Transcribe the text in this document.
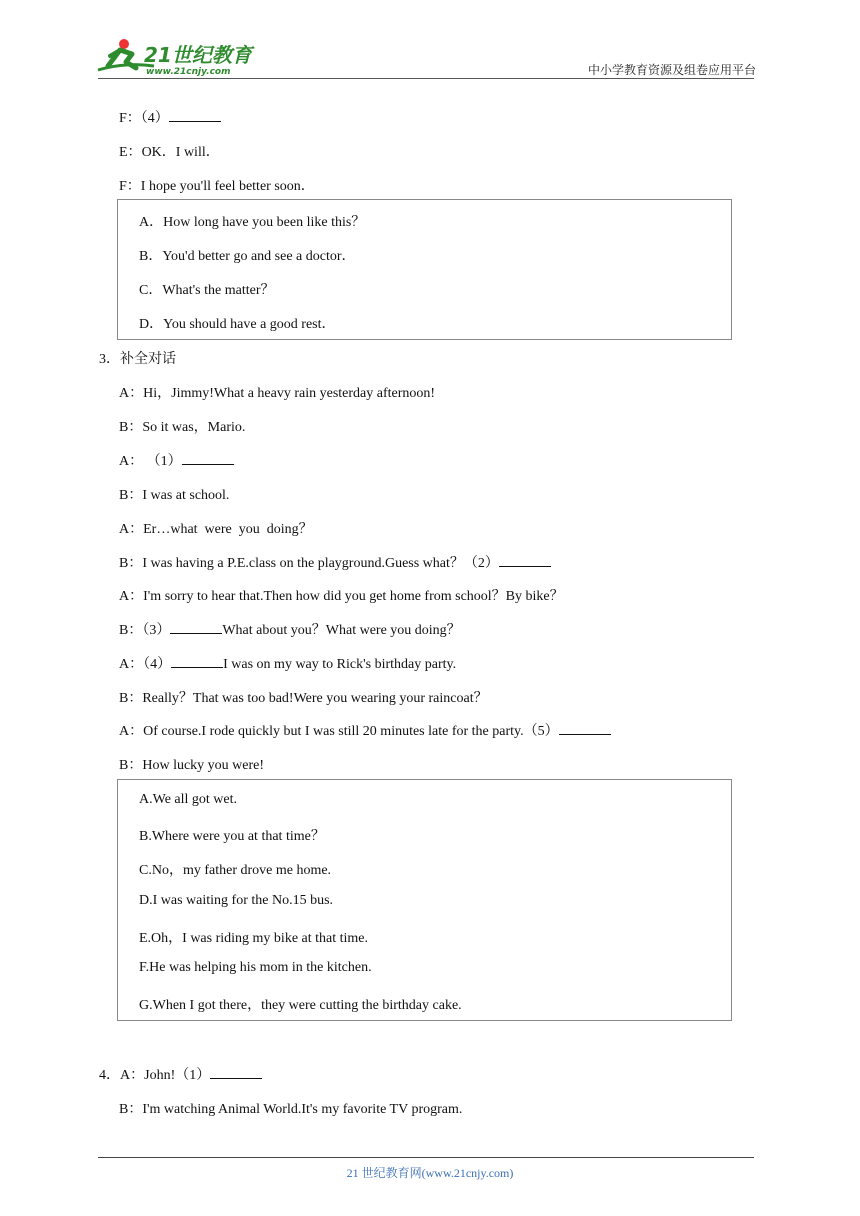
21世纪教育
www.21cnjy.com	中小学教育资源及组卷应用平台
F：（4）
E：OK．I will．
F：I hope you'll feel better soon．
A．How long have you been like this？
B．You'd better go and see a doctor．
C．What's the matter？
D．You should have a good rest．
3．补全对话
A：Hi，Jimmy!What a heavy rain yesterday afternoon!
B：So it was，Mario.
A： （1）
B：I was at school.
A：Er…what  were  you  doing？
B：I was having a P.E.class on the playground.Guess what？（2）
A：I'm sorry to hear that.Then how did you get home from school？By bike？
B：（3）	What about you？What were you doing？
A：（4）	I was on my way to Rick's birthday party.
B：Really？That was too bad!Were you wearing your raincoat？
A：Of course.I rode quickly but I was still 20 minutes late for the party.（5）
B：How lucky you were!
A.We all got wet.
B.Where were you at that time？
C.No，my father drove me home.
D.I was waiting for the No.15 bus.
E.Oh，I was riding my bike at that time.
F.He was helping his mom in the kitchen.
G.When I got there，they were cutting the birthday cake.
4．A：John!（1）
B：I'm watching Animal World.It's my favorite TV program.
21 世纪教育网(www.21cnjy.com)
